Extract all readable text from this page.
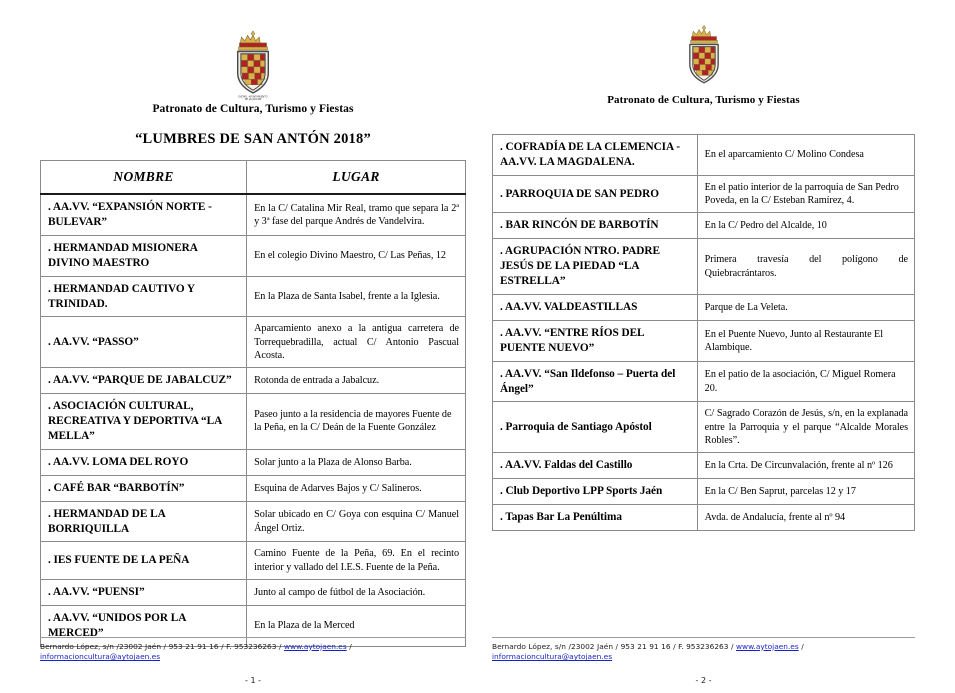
EXCMO. AYUNTAMIENTO
DE JA\u00c9N
Patronato de Cultura, Turismo y Fiestas
“LUMBRES DE SAN ANTÓN 2018”
NOMBRE	LUGAR
. AA.VV. “EXPANSIÓN NORTE - BULEVAR”	En la C/ Catalina Mir Real, tramo que separa la 2ª y 3ª fase del parque Andrés de Vandelvira.
. HERMANDAD MISIONERA DIVINO MAESTRO	En el colegio Divino Maestro, C/ Las Peñas, 12
. HERMANDAD CAUTIVO Y TRINIDAD.	En la Plaza de Santa Isabel, frente a la Iglesia.
. AA.VV. “PASSO”	Aparcamiento anexo a la antigua carretera de Torrequebradilla, actual C/ Antonio Pascual Acosta.
. AA.VV. “PARQUE DE JABALCUZ”	Rotonda de entrada a Jabalcuz.
. ASOCIACIÓN CULTURAL, RECREATIVA Y DEPORTIVA “LA MELLA”	Paseo junto a la residencia de mayores Fuente de la Peña, en la C/ Deán de la Fuente González
. AA.VV. LOMA DEL ROYO	Solar junto a la Plaza de Alonso Barba.
. CAFÉ BAR “BARBOTÍN”	Esquina de Adarves Bajos y C/ Salineros.
. HERMANDAD DE LA BORRIQUILLA	Solar ubicado en C/ Goya con esquina C/ Manuel Ángel Ortiz.
. IES FUENTE DE LA PEÑA	Camino Fuente de la Peña, 69. En el recinto interior y vallado del I.E.S. Fuente de la Peña.
. AA.VV. “PUENSI”	Junto al campo de fútbol de la Asociación.
. AA.VV. “UNIDOS POR LA MERCED”	En la Plaza de la Merced
Bernardo López, s/n /23002 Jaén / 953 21 91 16 / F. 953236263 / www.aytojaen.es /
informacioncultura@aytojaen.es
- 1 -
Patronato de Cultura, Turismo y Fiestas
. COFRADÍA DE LA CLEMENCIA - AA.VV. LA MAGDALENA.	En el aparcamiento C/ Molino Condesa
. PARROQUIA DE SAN PEDRO	En el patio interior de la parroquia de San Pedro Poveda, en la C/ Esteban Ramírez, 4.
. BAR RINCÓN DE BARBOTÍN	En la C/ Pedro del Alcalde, 10
. AGRUPACIÓN NTRO. PADRE JESÚS DE LA PIEDAD “LA ESTRELLA”	Primera travesía del polígono de Quiebracrántaros.
. AA.VV. VALDEASTILLAS	Parque de La Veleta.
. AA.VV. “ENTRE RÍOS DEL PUENTE NUEVO”	En el Puente Nuevo, Junto al Restaurante El Alambique.
. AA.VV. “San Ildefonso – Puerta del Ángel”	En el patio de la asociación, C/ Miguel Romera 20.
. Parroquia de Santiago Apóstol	C/ Sagrado Corazón de Jesús, s/n, en la explanada entre la Parroquia y el parque “Alcalde Morales Robles”.
. AA.VV. Faldas del Castillo	En la Crta. De Circunvalación, frente al nº 126
. Club Deportivo LPP Sports Jaén	En la C/ Ben Saprut, parcelas 12 y 17
. Tapas Bar La Penúltima	Avda. de Andalucía, frente al nº 94
Bernardo López, s/n /23002 Jaén / 953 21 91 16 / F. 953236263 / www.aytojaen.es /
informacioncultura@aytojaen.es
- 2 -
